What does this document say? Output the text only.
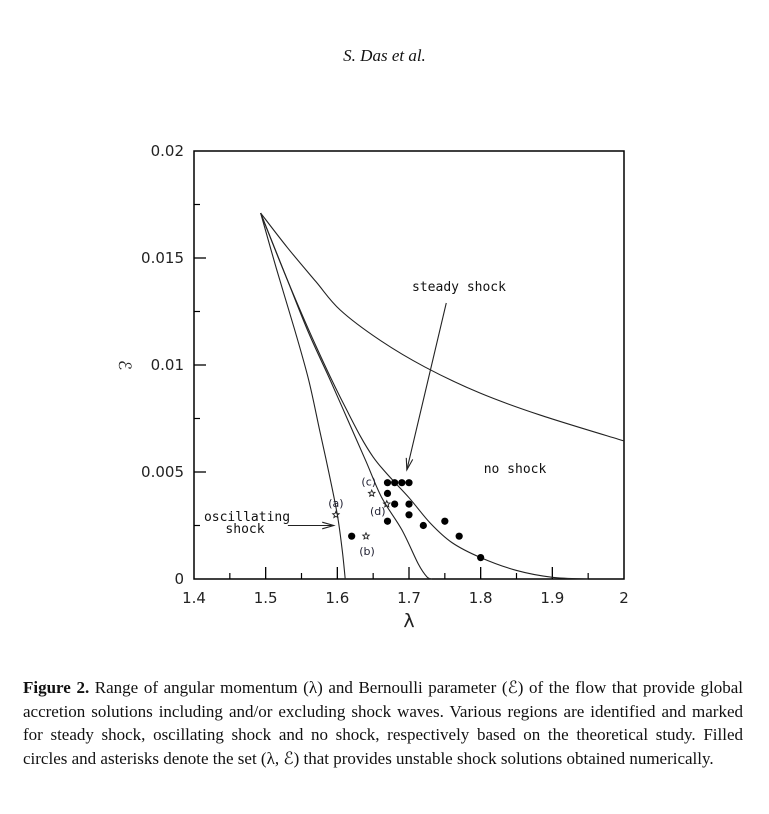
S. Das et al.
1.4	1.5	1.6	1.7	1.8	1.9	2
0
0.005
0.01
0.015
0.02
(a)
(b)
(c)
(d)
steady shock
oscillating
shock
no shock
λ
ℰ
Figure 2. Range of angular momentum (λ) and Bernoulli parameter (ℰ) of the flow that provide global accretion solutions including and/or excluding shock waves. Various regions are identified and marked for steady shock, oscillating shock and no shock, respectively based on the theoretical study. Filled circles and asterisks denote the set (λ, ℰ) that provides unstable shock solutions obtained numerically.
